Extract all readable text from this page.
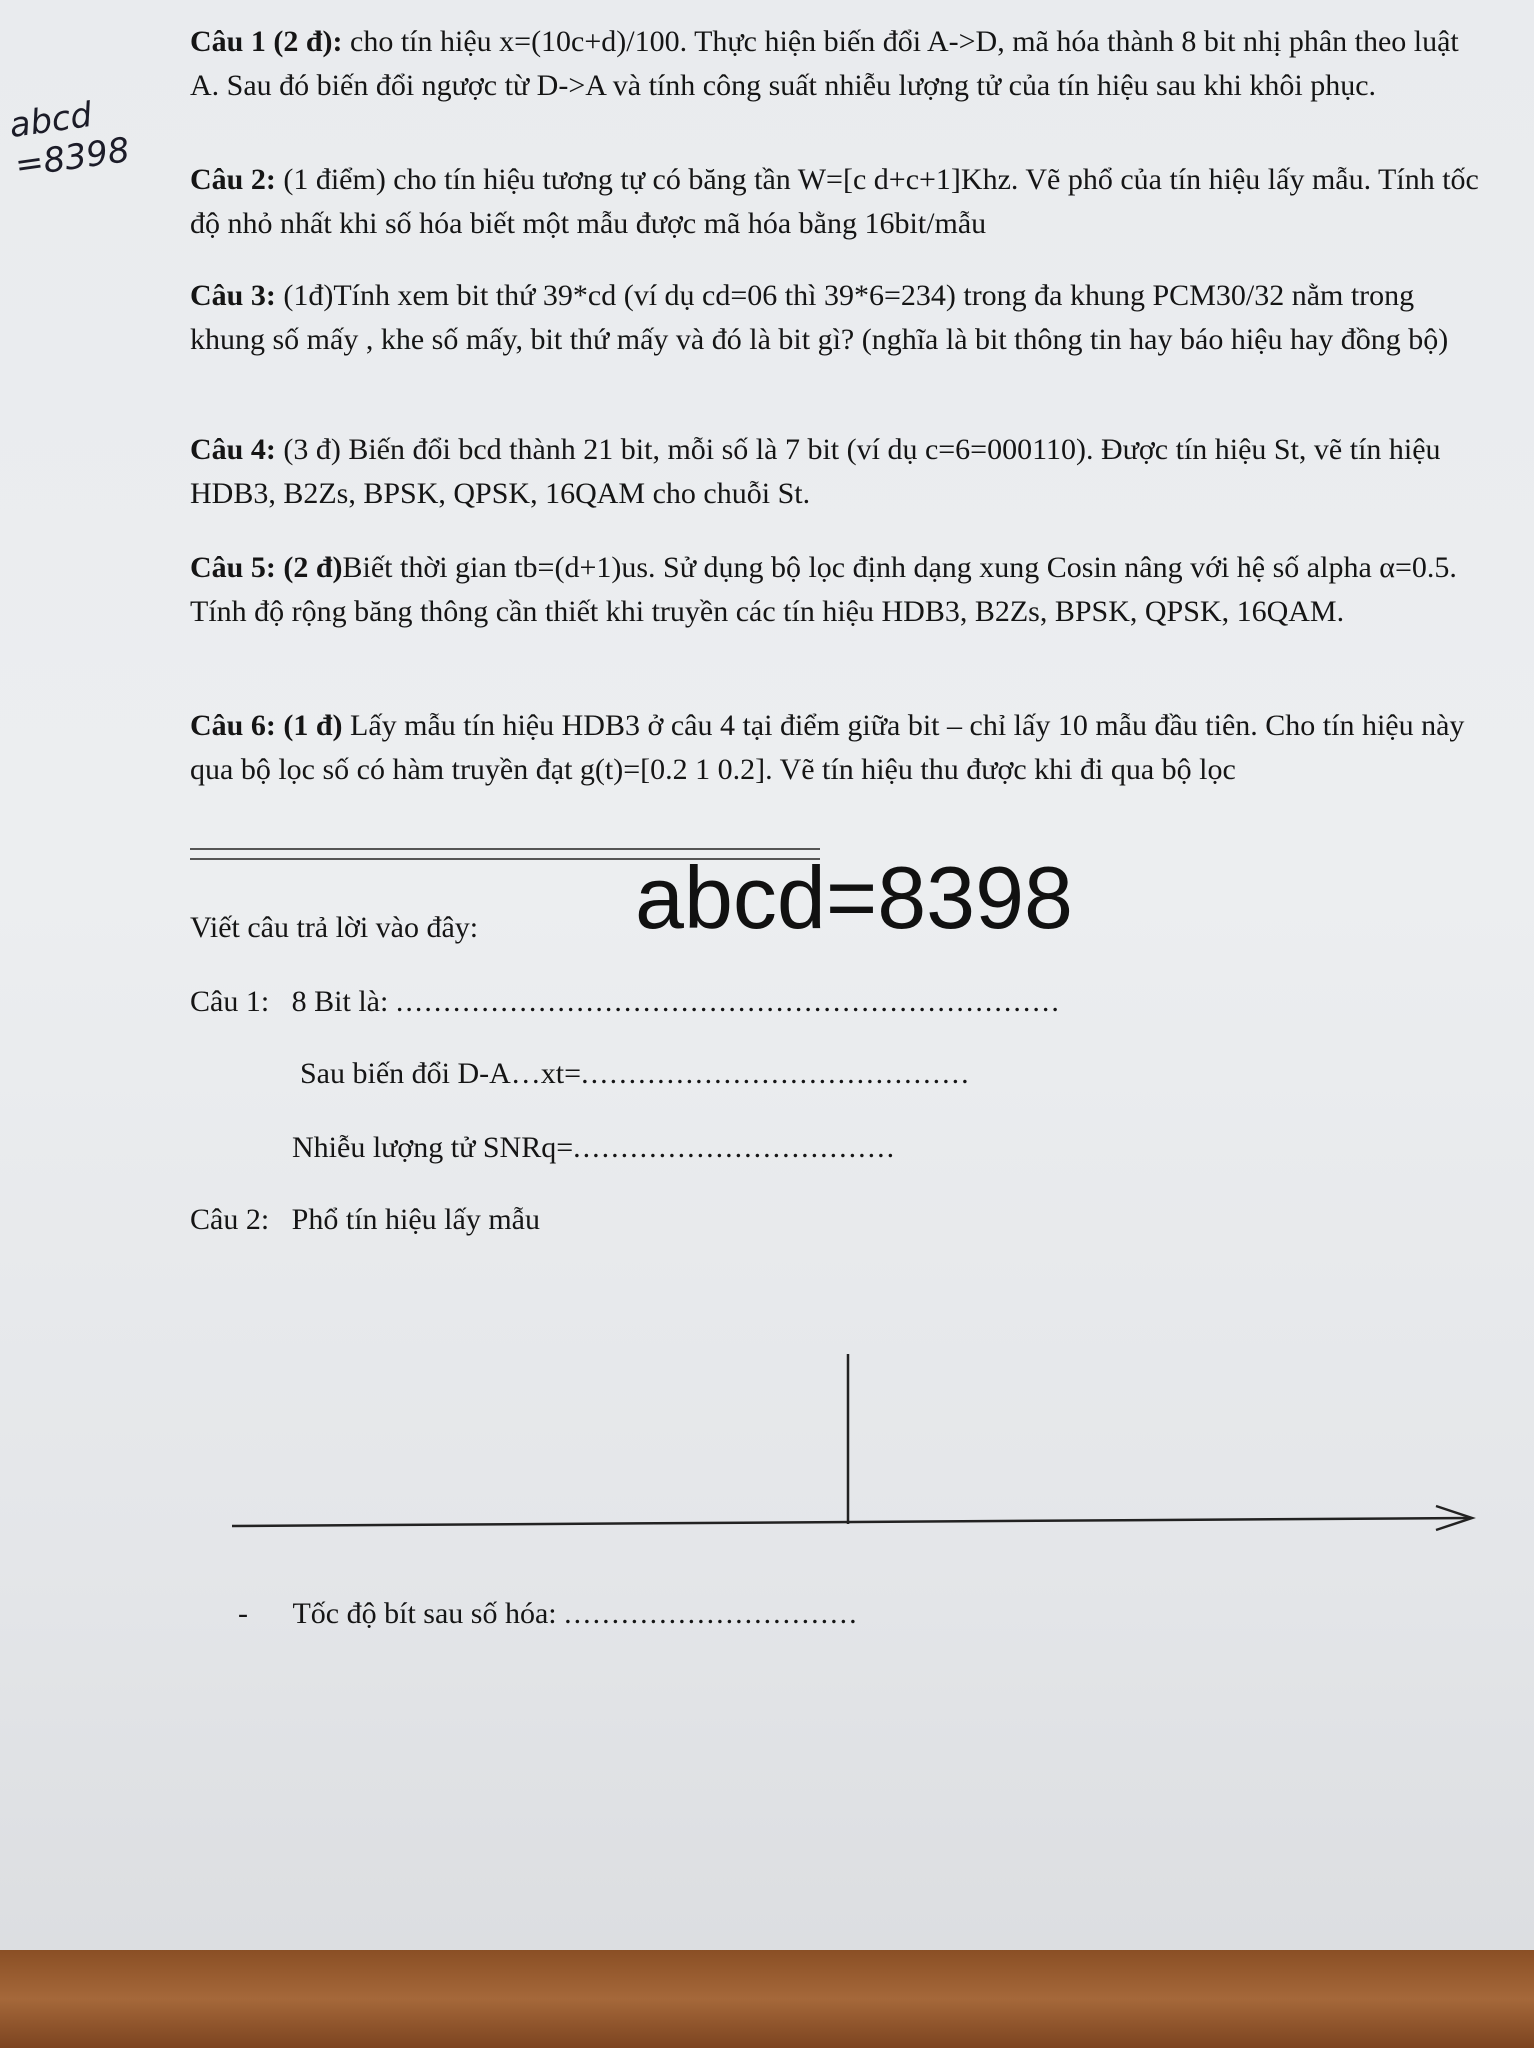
abcd
=8398
Câu 1 (2 đ): cho tín hiệu x=(10c+d)/100. Thực hiện biến đổi A->D, mã hóa thành 8 bit nhị phân theo luật A. Sau đó biến đổi ngược từ D->A và tính công suất nhiễu lượng tử của tín hiệu sau khi khôi phục.
Câu 2: (1 điểm) cho tín hiệu tương tự có băng tần W=[c d+c+1]Khz. Vẽ phổ của tín hiệu lấy mẫu. Tính tốc độ nhỏ nhất khi số hóa biết một mẫu được mã hóa bằng 16bit/mẫu
Câu 3: (1đ)Tính xem bit thứ 39*cd (ví dụ cd=06 thì 39*6=234) trong đa khung PCM30/32 nằm trong khung số mấy , khe số mấy, bit thứ mấy và đó là bit gì? (nghĩa là bit thông tin hay báo hiệu hay đồng bộ)
Câu 4: (3 đ) Biến đổi bcd thành 21 bit, mỗi số là 7 bit (ví dụ c=6=000110). Được tín hiệu St, vẽ tín hiệu HDB3, B2Zs, BPSK, QPSK, 16QAM cho chuỗi St.
Câu 5: (2 đ)Biết thời gian tb=(d+1)us. Sử dụng bộ lọc định dạng xung Cosin nâng với hệ số alpha α=0.5. Tính độ rộng băng thông cần thiết khi truyền các tín hiệu HDB3, B2Zs, BPSK, QPSK, 16QAM.
Câu 6: (1 đ) Lấy mẫu tín hiệu HDB3 ở câu 4 tại điểm giữa bit – chỉ lấy 10 mẫu đầu tiên. Cho tín hiệu này qua bộ lọc số có hàm truyền đạt g(t)=[0.2 1 0.2]. Vẽ tín hiệu thu được khi đi qua bộ lọc
Viết câu trả lời vào đây: abcd=8398
Câu 1: 8 Bit là: ......................................................................
Sau biến đổi D-A…xt=.........................................
Nhiễu lượng tử SNRq=..................................
Câu 2: Phổ tín hiệu lấy mẫu
- Tốc độ bít sau số hóa: ...............................
